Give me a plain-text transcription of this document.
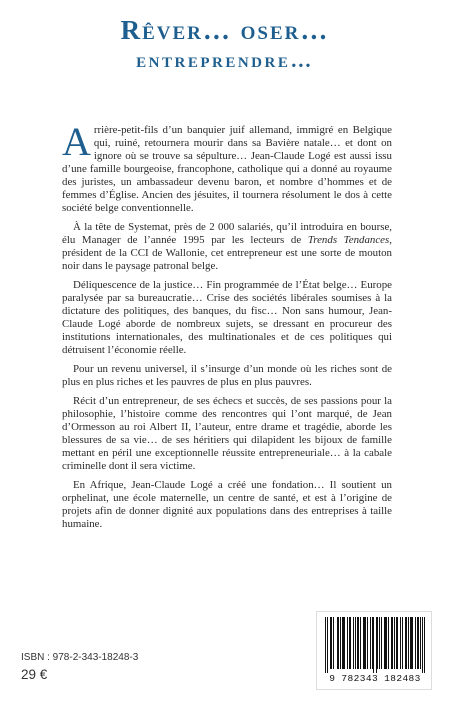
Rêver… oser…
entreprendre…

Arrière-petit-fils d’un banquier juif allemand, immigré en Belgique qui, ruiné, retournera mourir dans sa Bavière natale… et dont on ignore où se trouve sa sépulture… Jean-Claude Logé est aussi issu d’une famille bourgeoise, francophone, catholique qui a donné au royaume des juristes, un ambassadeur devenu baron, et nombre d’hommes et de femmes d’Église. Ancien des jésuites, il tournera résolument le dos à cette société belge conventionnelle.

À la tête de Systemat, près de 2 000 salariés, qu’il introduira en bourse, élu Manager de l’année 1995 par les lecteurs de Trends Tendances, président de la CCI de Wallonie, cet entrepreneur est une sorte de mouton noir dans le paysage patronal belge.

Déliquescence de la justice… Fin programmée de l’État belge… Europe paralysée par sa bureaucratie… Crise des sociétés libérales soumises à la dictature des politiques, des banques, du fisc… Non sans humour, Jean-Claude Logé aborde de nombreux sujets, se dressant en procureur des institutions internationales, des multinationales et de ces politiques qui détruisent l’économie réelle.

Pour un revenu universel, il s’insurge d’un monde où les riches sont de plus en plus riches et les pauvres de plus en plus pauvres.

Récit d’un entrepreneur, de ses échecs et succès, de ses passions pour la philosophie, l’histoire comme des rencontres qui l’ont marqué, de Jean d’Ormesson au roi Albert II, l’auteur, entre drame et tragédie, aborde les blessures de sa vie… de ses héritiers qui dilapident les bijoux de famille mettant en péril une exceptionnelle réussite entrepreneuriale… à la cabale criminelle dont il sera victime.

En Afrique, Jean-Claude Logé a créé une fondation… Il soutient un orphelinat, une école maternelle, un centre de santé, et est à l’origine de projets afin de donner dignité aux populations dans des entreprises à taille humaine.

ISBN : 978-2-343-18248-3
29 €	9 782343 182483
